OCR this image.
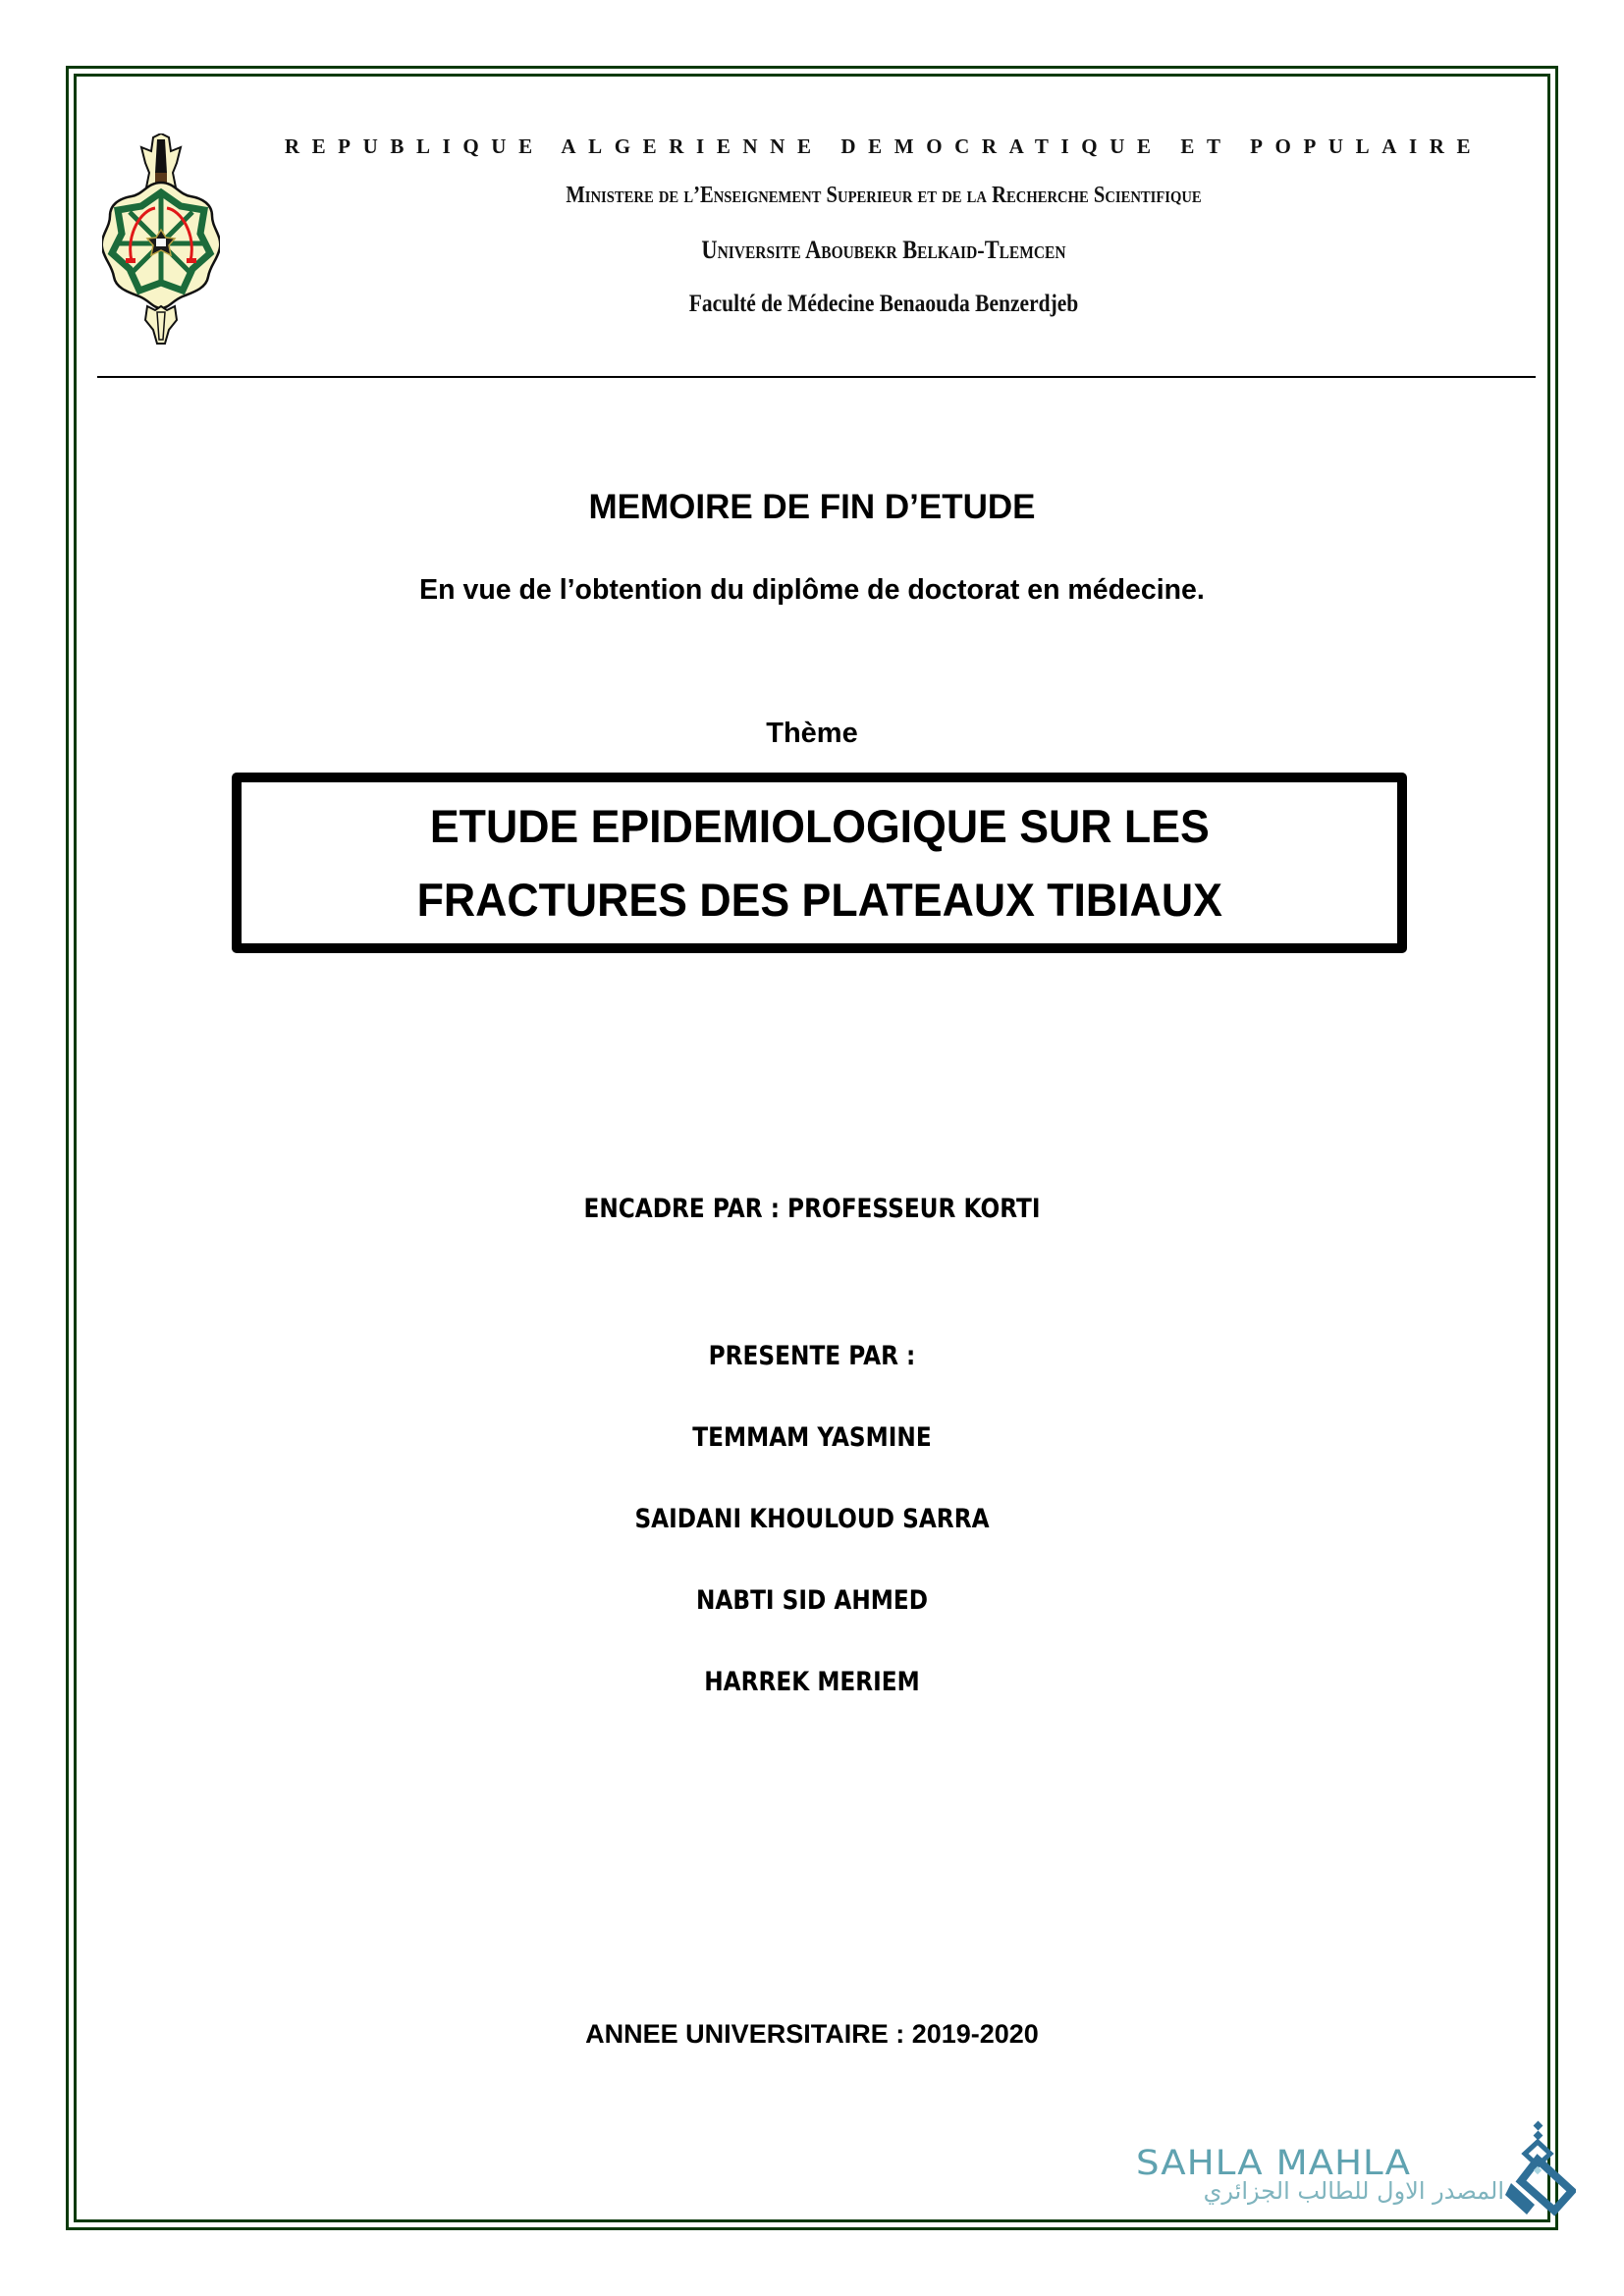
REPUBLIQUE ALGERIENNE DEMOCRATIQUE ET POPULAIRE
Ministere de l’Enseignement Superieur et de la Recherche Scientifique
Universite Aboubekr Belkaid-Tlemcen
Faculté de Médecine Benaouda Benzerdjeb
MEMOIRE DE FIN D’ETUDE
En vue de l’obtention du diplôme de doctorat en médecine.
Thème
ETUDE EPIDEMIOLOGIQUE SUR LES
FRACTURES DES PLATEAUX TIBIAUX
ENCADRE PAR : PROFESSEUR KORTI
PRESENTE PAR :
TEMMAM YASMINE
SAIDANI KHOULOUD SARRA
NABTI SID AHMED
HARREK MERIEM
ANNEE UNIVERSITAIRE : 2019-2020
SAHLA MAHLA
المصدر الاول للطالب الجزائري
